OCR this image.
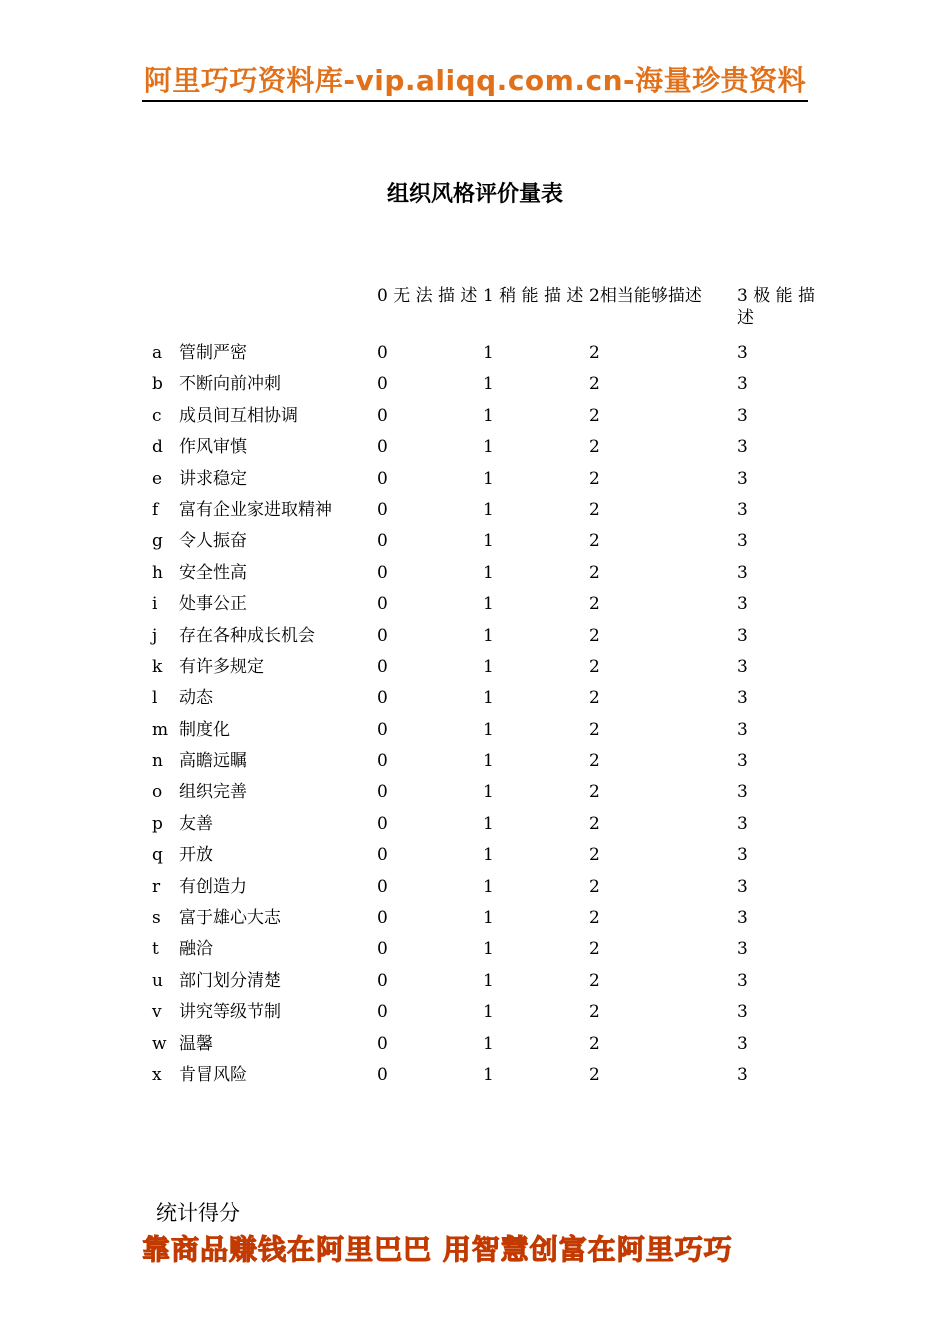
阿里巧巧资料库-vip.aliqq.com.cn-海量珍贵资料
组织风格评价量表
		0 无 法 描 述	1 稍 能 描 述	2相当能够描述	3 极 能 描 述
a	管制严密	0	1	2	3
b	不断向前冲刺	0	1	2	3
c	成员间互相协调	0	1	2	3
d	作风审慎	0	1	2	3
e	讲求稳定	0	1	2	3
f	富有企业家进取精神	0	1	2	3
g	令人振奋	0	1	2	3
h	安全性高	0	1	2	3
i	处事公正	0	1	2	3
j	存在各种成长机会	0	1	2	3
k	有许多规定	0	1	2	3
l	动态	0	1	2	3
m	制度化	0	1	2	3
n	高瞻远瞩	0	1	2	3
o	组织完善	0	1	2	3
p	友善	0	1	2	3
q	开放	0	1	2	3
r	有创造力	0	1	2	3
s	富于雄心大志	0	1	2	3
t	融洽	0	1	2	3
u	部门划分清楚	0	1	2	3
v	讲究等级节制	0	1	2	3
w	温馨	0	1	2	3
x	肯冒风险	0	1	2	3
统计得分
靠商品赚钱在阿里巴巴 用智慧创富在阿里巧巧
